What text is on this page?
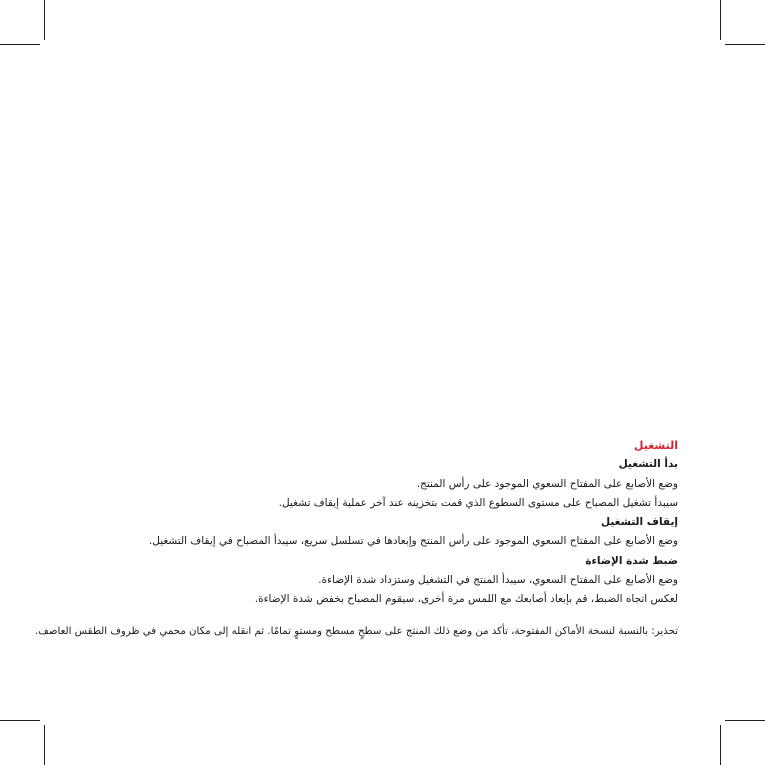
التشغيل
بدأ التشغيل
وضع الأصابع على المفتاح السعوي الموجود على رأس المنتج.
سيبدأ تشغيل المصباح على مستوى السطوع الذي قمت بتخزينه عند آخر عملية إيقاف تشغيل.
إيقاف التشغيل
وضع الأصابع على المفتاح السعوي الموجود على رأس المنتج وإبعادها في تسلسل سريع، سيبدأ المصباح في إيقاف التشغيل.
ضبط شدة الإضاءة
وضع الأصابع على المفتاح السعوي، سيبدأ المنتج في التشغيل وستزداد شدة الإضاءة.
لعكس اتجاه الضبط، قم بإبعاد أصابعك مع اللمس مرة أخرى، سيقوم المصباح بخفض شدة الإضاءة.
تحذير: بالنسبة لنسخة الأماكن المفتوحة، تأكد من وضع ذلك المنتج على سطحٍ مسطح ومستوٍ تمامًا. ثم انقله إلى مكان محمي في ظروف الطقس العاصف.
